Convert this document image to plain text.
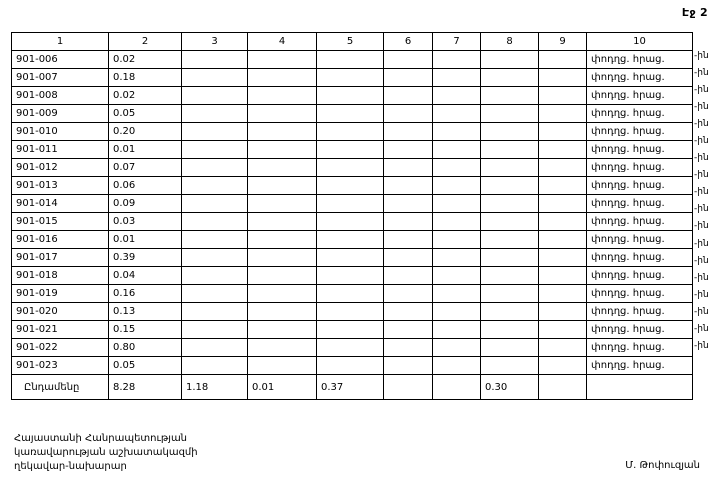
Էջ 2
1	2	3	4	5	6	7	8	9	10
901-006	0.02								փոդղց. հրաց.
901-007	0.18								փոդղց. հրաց.
901-008	0.02								փոդղց. հրաց.
901-009	0.05								փոդղց. հրաց.
901-010	0.20								փոդղց. հրաց.
901-011	0.01								փոդղց. հրաց.
901-012	0.07								փոդղց. հրաց.
901-013	0.06								փոդղց. հրաց.
901-014	0.09								փոդղց. հրաց.
901-015	0.03								փոդղց. հրաց.
901-016	0.01								փոդղց. հրաց.
901-017	0.39								փոդղց. հրաց.
901-018	0.04								փոդղց. հրաց.
901-019	0.16								փոդղց. հրաց.
901-020	0.13								փոդղց. հրաց.
901-021	0.15								փոդղց. հրաց.
901-022	0.80								փոդղց. հրաց.
901-023	0.05								փոդղց. հրաց.
Ընդամենը	8.28	1.18	0.01	0.37			0.30		
-ին
-ին
-ին
-ին
-ին
-ին
-ին
-ին
-ին
-ին
-ին
-ին
-ին
-ին
-ին
-ին
-ին
-ին
Հայաստանի Հանրապետության
կառավարության աշխատակազմի
ղեկավար-նախարար	Մ. Թոփուզյան
